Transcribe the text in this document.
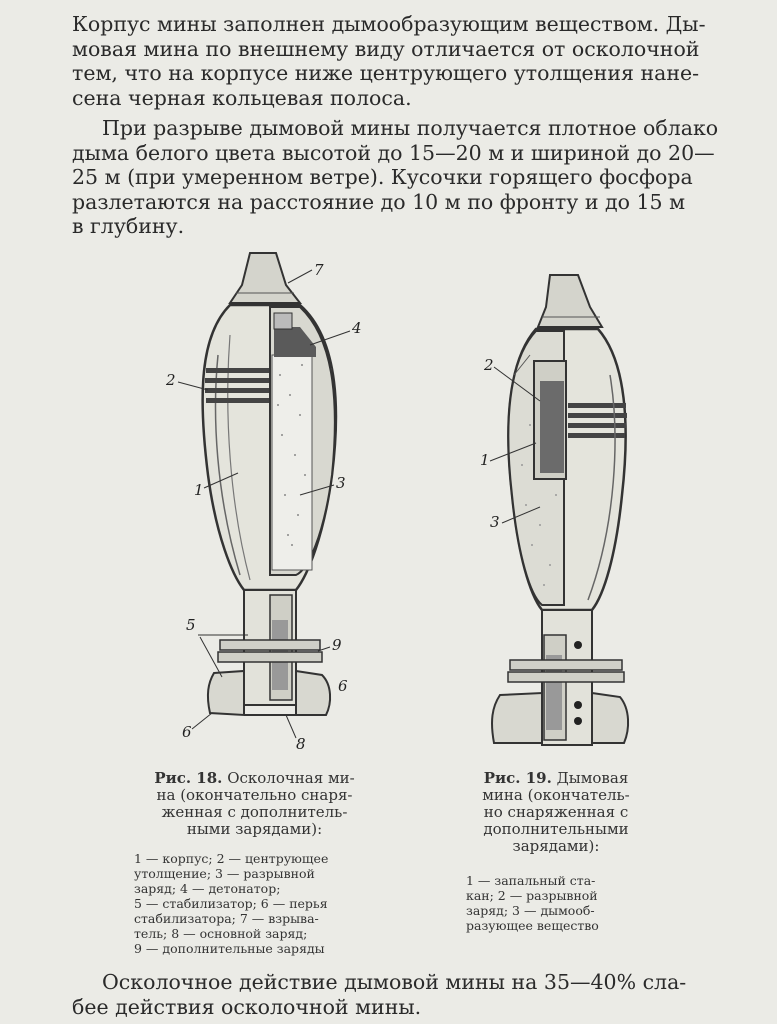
Корпус мины заполнен дымообразующим веществом. Ды-
мовая мина по внешнему виду отличается от осколочной
тем, что на корпусе ниже центрующего утолщения нане-
сена черная кольцевая полоса.
При разрыве дымовой мины получается плотное облако
дыма белого цвета высотой до 15—20 м и шириной до 20—
25 м (при умеренном ветре). Кусочки горящего фосфора
разлетаются на расстояние до 10 м по фронту и до 15 м
в глубину.
7
4
2
1	3
5
9
6
6
8
2
1
3
Рис. 18. Осколочная ми-
на (окончательно снаря-
женная с дополнитель-
ными зарядами):
1 — корпус; 2 — центрующее
утолщение; 3 — разрывной
заряд; 4 — детонатор;
5 — стабилизатор; 6 — перья
стабилизатора; 7 — взрыва-
тель; 8 — основной заряд;
9 — дополнительные заряды
Рис. 19. Дымовая
мина (окончатель-
но снаряженная с
дополнительными
зарядами):
1 — запальный ста-
кан; 2 — разрывной
заряд; 3 — дымооб-
разующее вещество
Осколочное действие дымовой мины на 35—40% сла-
бее действия осколочной мины.
